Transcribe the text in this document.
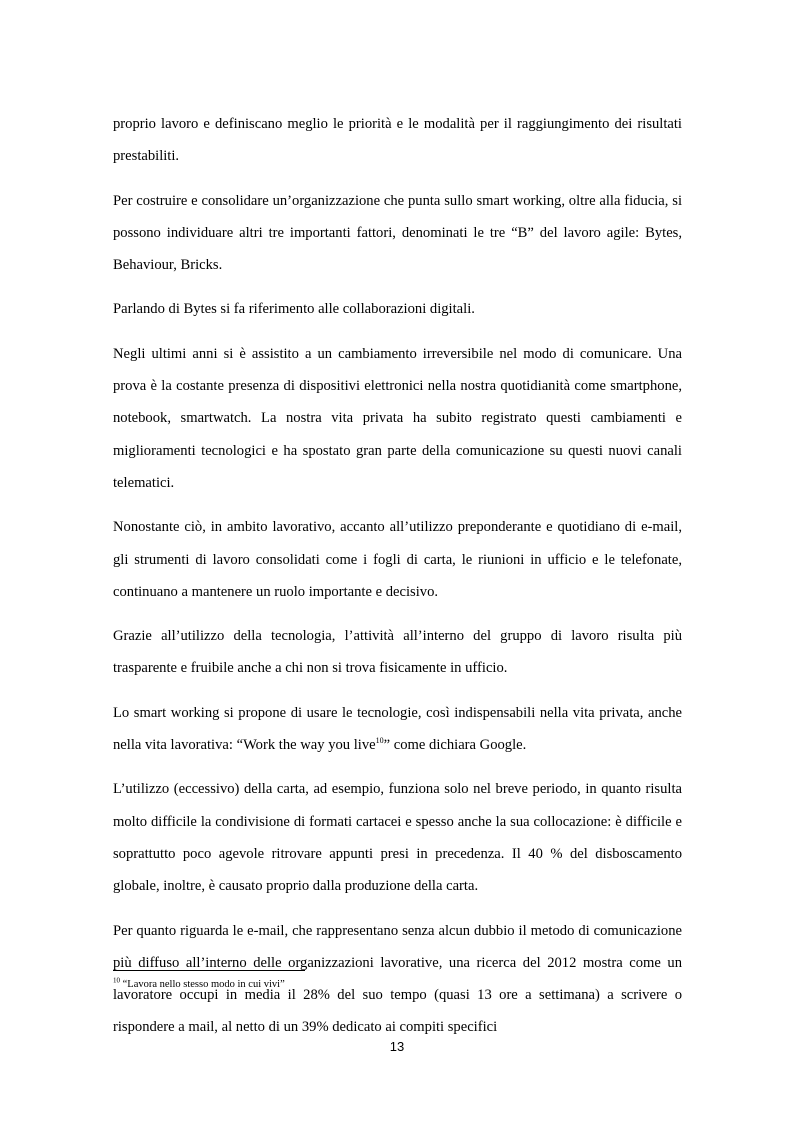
proprio lavoro e definiscano meglio le priorità e le modalità per il raggiungimento dei risultati prestabiliti.

Per costruire e consolidare un’organizzazione che punta sullo smart working, oltre alla fiducia, si possono individuare altri tre importanti fattori, denominati le tre “B” del lavoro agile: Bytes, Behaviour, Bricks.

Parlando di Bytes si fa riferimento alle collaborazioni digitali.

Negli ultimi anni si è assistito a un cambiamento irreversibile nel modo di comunicare. Una prova è la costante presenza di dispositivi elettronici nella nostra quotidianità come smartphone, notebook, smartwatch. La nostra vita privata ha subito registrato questi cambiamenti e miglioramenti tecnologici e ha spostato gran parte della comunicazione su questi nuovi canali telematici.

Nonostante ciò, in ambito lavorativo, accanto all’utilizzo preponderante e quotidiano di e-mail, gli strumenti di lavoro consolidati come i fogli di carta, le riunioni in ufficio e le telefonate, continuano a mantenere un ruolo importante e decisivo.

Grazie all’utilizzo della tecnologia, l’attività all’interno del gruppo di lavoro risulta più trasparente e fruibile anche a chi non si trova fisicamente in ufficio.

Lo smart working si propone di usare le tecnologie, così indispensabili nella vita privata, anche nella vita lavorativa: “Work the way you live$^{10}$” come dichiara Google.

L’utilizzo (eccessivo) della carta, ad esempio, funziona solo nel breve periodo, in quanto risulta molto difficile la condivisione di formati cartacei e spesso anche la sua collocazione: è difficile e soprattutto poco agevole ritrovare appunti presi in precedenza. Il 40 % del disboscamento globale, inoltre, è causato proprio dalla produzione della carta.

Per quanto riguarda le e-mail, che rappresentano senza alcun dubbio il metodo di comunicazione più diffuso all’interno delle organizzazioni lavorative, una ricerca del 2012 mostra come un lavoratore occupi in media il 28% del suo tempo (quasi 13 ore a settimana) a scrivere o rispondere a mail, al netto di un 39% dedicato ai compiti specifici

$^{10}$ “Lavora nello stesso modo in cui vivi”
13
